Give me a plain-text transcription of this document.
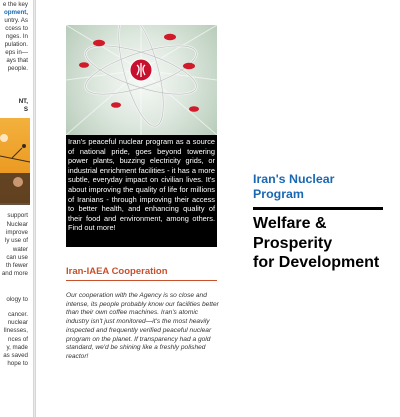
e the key
opment,
untry. As
ccess to
nges. In
pulation.
eps in—
ays that
people.
NT,
S
support
Nuclear
improve
ly use of
water
can use
th fewer
and more
ology to
cancer.
nuclear
llnesses,
nces of
y, made
as saved
hope to
Iran's peaceful nuclear program as a source of national pride, goes beyond towering power plants, buzzing electricity grids, or industrial enrichment facilities - it has a more subtle, everyday impact on civilian lives. It's about improving the quality of life for millions of Iranians - through improving their access to better health, and enhancing quality of their food and environment, among others. Find out more!
Iran-IAEA Cooperation
Our cooperation with the Agency is so close and intense, its people probably know our facilities better than their own coffee machines. Iran's atomic industry isn't just monitored—it's the most heavily inspected and frequently verified peaceful nuclear program on the planet. If transparency had a gold standard, we'd be shining like a freshly polished reactor!
Iran's Nuclear
Program
Welfare &
Prosperity
for Development
